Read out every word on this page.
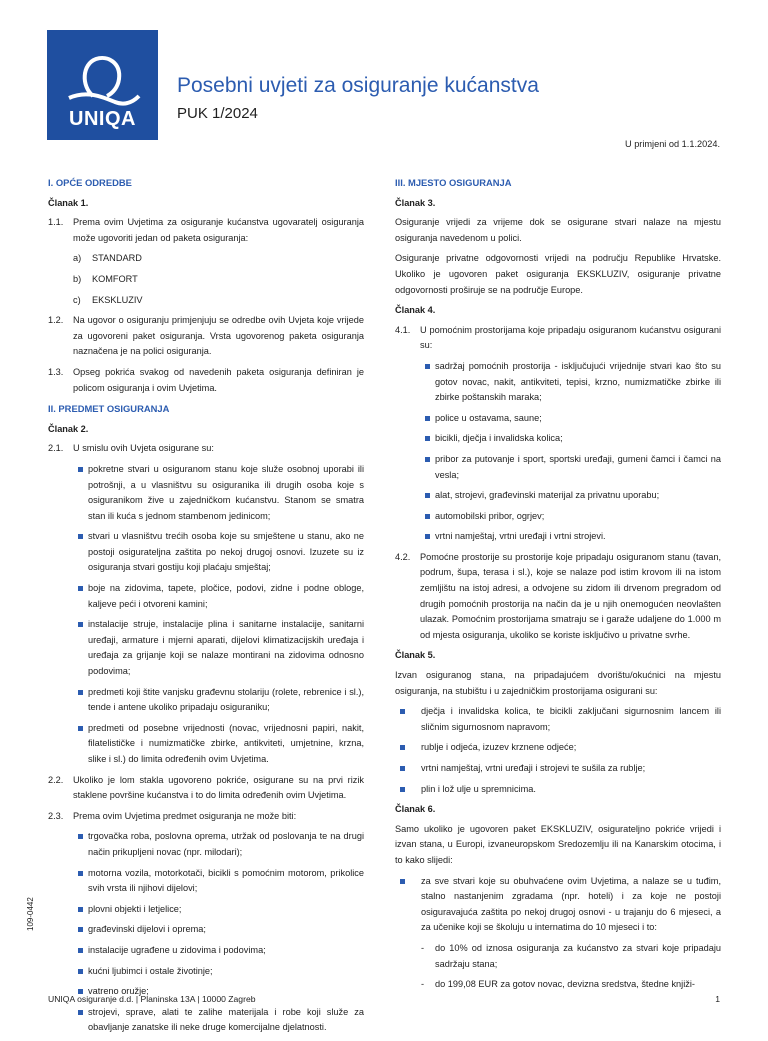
UNIQA
Posebni uvjeti za osiguranje kućanstva
PUK 1/2024
U primjeni od 1.1.2024.
I. OPĆE ODREDBE
Članak 1.
1.1.	Prema ovim Uvjetima za osiguranje kućanstva ugovaratelj osiguranja može ugovoriti jedan od paketa osiguranja:
a)	STANDARD
b)	KOMFORT
c)	EKSKLUZIV
1.2.	Na ugovor o osiguranju primjenjuju se odredbe ovih Uvjeta koje vrijede za ugovoreni paket osiguranja. Vrsta ugovorenog paketa osiguranja naznačena je na polici osiguranja.
1.3.	Opseg pokrića svakog od navedenih paketa osiguranja definiran je policom osiguranja i ovim Uvjetima.
II. PREDMET OSIGURANJA
Članak 2.
2.1.	U smislu ovih Uvjeta osigurane su:
pokretne stvari u osiguranom stanu koje služe osobnoj uporabi ili potrošnji, a u vlasništvu su osiguranika ili drugih osoba koje s osiguranikom žive u zajedničkom kućanstvu. Stanom se smatra stan ili kuća s jednom stambenom jedinicom;
stvari u vlasništvu trećih osoba koje su smještene u stanu, ako ne postoji osigurateljna zaštita po nekoj drugoj osnovi. Izuzete su iz osiguranja stvari gostiju koji plaćaju smještaj;
boje na zidovima, tapete, pločice, podovi, zidne i podne obloge, kaljeve peći i otvoreni kamini;
instalacije struje, instalacije plina i sanitarne instalacije, sanitarni uređaji, armature i mjerni aparati, dijelovi klimatizacijskih uređaja i uređaja za grijanje koji se nalaze montirani na zidovima odnosno podovima;
predmeti koji štite vanjsku građevnu stolariju (rolete, rebrenice i sl.), tende i antene ukoliko pripadaju osiguraniku;
predmeti od posebne vrijednosti (novac, vrijednosni papiri, nakit, filatelističke i numizmatičke zbirke, antikviteti, umjetnine, krzna, slike i sl.) do limita određenih ovim Uvjetima.
2.2.	Ukoliko je lom stakla ugovoreno pokriće, osigurane su na prvi rizik staklene površine kućanstva i to do limita određenih ovim Uvjetima.
2.3.	Prema ovim Uvjetima predmet osiguranja ne može biti:
trgovačka roba, poslovna oprema, utržak od poslovanja te na drugi način prikupljeni novac (npr. milodari);
motorna vozila, motorkotači, bicikli s pomoćnim motorom, prikolice svih vrsta ili njihovi dijelovi;
plovni objekti i letjelice;
građevinski dijelovi i oprema;
instalacije ugrađene u zidovima i podovima;
kućni ljubimci i ostale životinje;
vatreno oružje;
strojevi, sprave, alati te zalihe materijala i robe koji služe za obavljanje zanatske ili neke druge komercijalne djelatnosti.
III. MJESTO OSIGURANJA
Članak 3.
Osiguranje vrijedi za vrijeme dok se osigurane stvari nalaze na mjestu osiguranja navedenom u polici.
Osiguranje privatne odgovornosti vrijedi na području Republike Hrvatske. Ukoliko je ugovoren paket osiguranja EKSKLUZIV, osiguranje privatne odgovornosti proširuje se na područje Europe.
Članak 4.
4.1.	U pomoćnim prostorijama koje pripadaju osiguranom kućanstvu osigurani su:
sadržaj pomoćnih prostorija - isključujući vrijednije stvari kao što su gotov novac, nakit, antikviteti, tepisi, krzno, numizmatičke zbirke ili zbirke poštanskih maraka;
police u ostavama, saune;
bicikli, dječja i invalidska kolica;
pribor za putovanje i sport, sportski uređaji, gumeni čamci i čamci na vesla;
alat, strojevi, građevinski materijal za privatnu uporabu;
automobilski pribor, ogrjev;
vrtni namještaj, vrtni uređaji i vrtni strojevi.
4.2.	Pomoćne prostorije su prostorije koje pripadaju osiguranom stanu (tavan, podrum, šupa, terasa i sl.), koje se nalaze pod istim krovom ili na istom zemljištu na istoj adresi, a odvojene su zidom ili drvenom pregradom od drugih pomoćnih prostorija na način da je u njih onemogućen neovlašten ulazak. Pomoćnim prostorijama smatraju se i garaže udaljene do 1.000 m od mjesta osiguranja, ukoliko se koriste isključivo u privatne svrhe.
Članak 5.
Izvan osiguranog stana, na pripadajućem dvorištu/okućnici na mjestu osiguranja, na stubištu i u zajedničkim prostorijama osigurani su:
dječja i invalidska kolica, te bicikli zaključani sigurnosnim lancem ili sličnim sigurnosnom napravom;
rublje i odjeća, izuzev krznene odjeće;
vrtni namještaj, vrtni uređaji i strojevi te sušila za rublje;
plin i lož ulje u spremnicima.
Članak 6.
Samo ukoliko je ugovoren paket EKSKLUZIV, osigurateljno pokriće vrijedi i izvan stana, u Europi, izvaneuropskom Sredozemlju ili na Kanarskim otocima, i to kako slijedi:
za sve stvari koje su obuhvaćene ovim Uvjetima, a nalaze se u tuđim, stalno nastanjenim zgradama (npr. hoteli) i za koje ne postoji osiguravajuća zaštita po nekoj drugoj osnovi - u trajanju do 6 mjeseci, a za učenike koji se školuju u internatima do 10 mjeseci i to:
-	do 10% od iznosa osiguranja za kućanstvo za stvari koje pripadaju sadržaju stana;
-	do 199,08 EUR za gotov novac, devizna sredstva, štedne knjiži-
109-0442
UNIQA osiguranje d.d. | Planinska 13A | 10000 Zagreb	1
